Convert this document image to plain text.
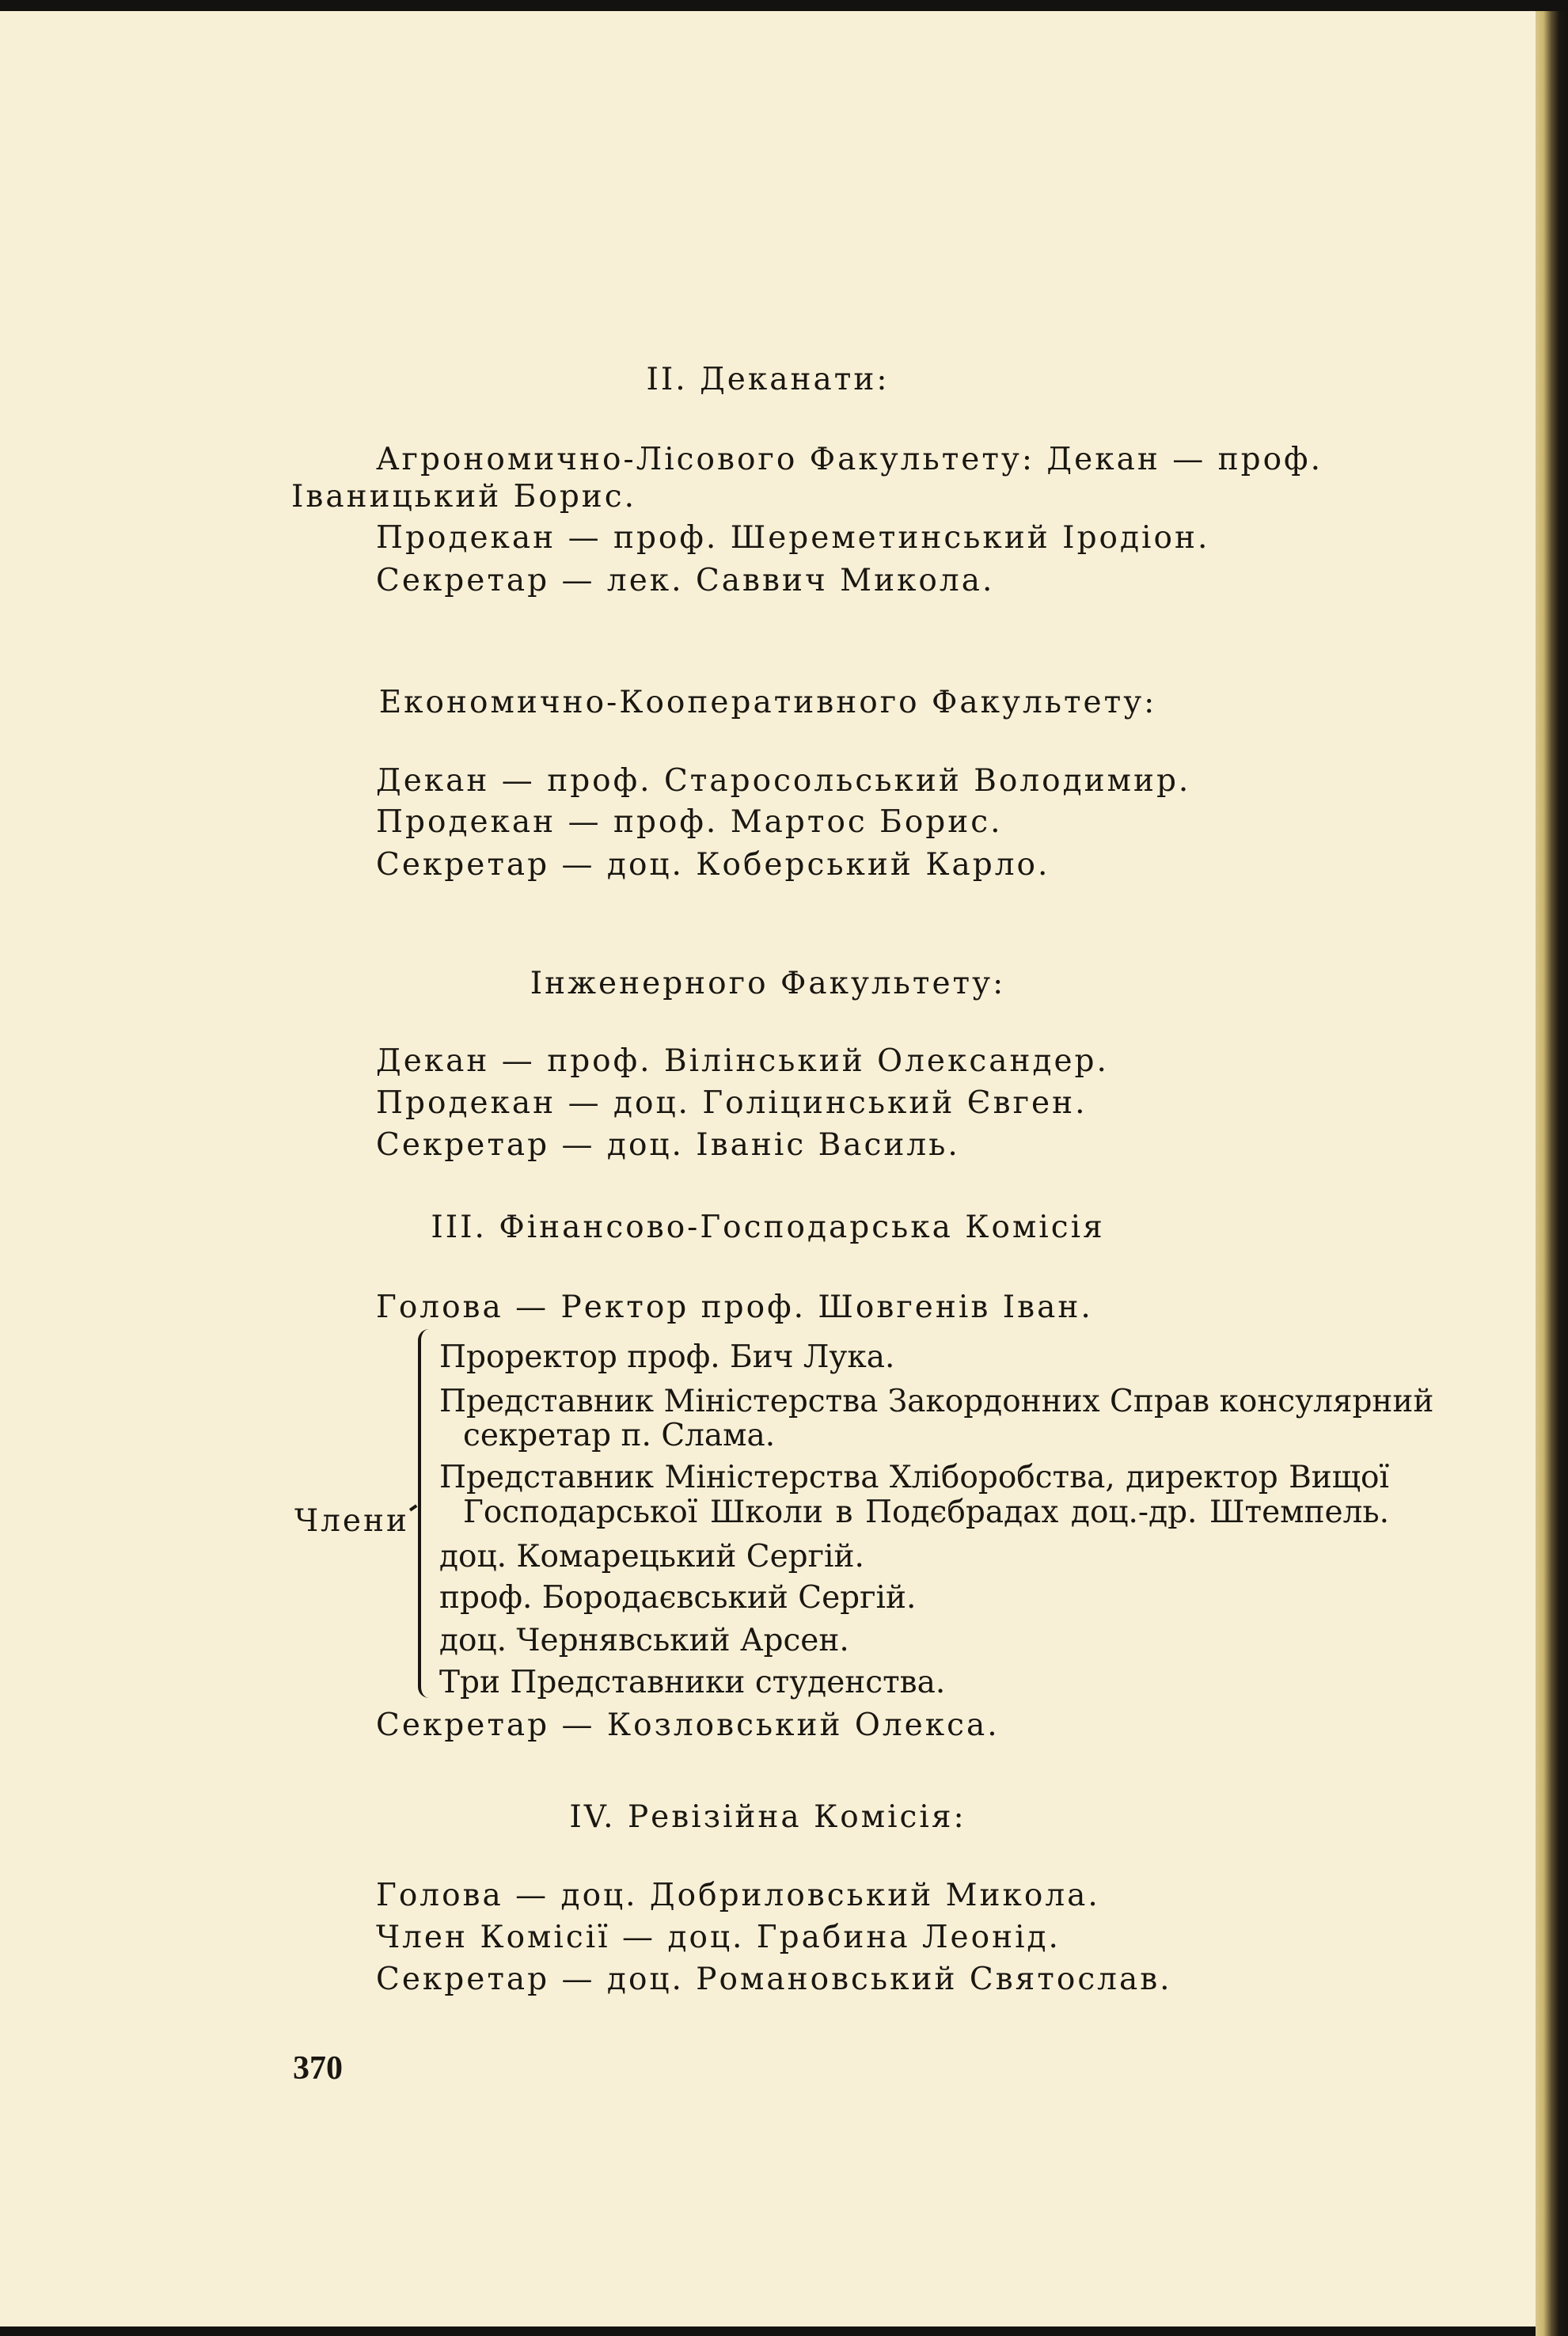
II. Деканати:
Агрономично-Лісового Факультету: Декан — проф.
Іваницький Борис.
Продекан — проф. Шереметинський Іродіон.
Секретар — лек. Саввич Микола.
Економично-Кооперативного Факультету:
Декан — проф. Старосольський Володимир.
Продекан — проф. Мартос Борис.
Секретар — доц. Коберський Карло.
Інженерного Факультету:
Декан — проф. Вілінський Олександер.
Продекан — доц. Голіцинський Євген.
Секретар — доц. Іваніс Василь.
III. Фінансово-Господарська Комісія
Голова — Ректор проф. Шовгенів Іван.
Члени
Проректор проф. Бич Лука.
Представник Міністерства Закордонних Справ консулярний
секретар п. Слама.
Представник Міністерства Хліборобства, директор Вищої
Господарської Школи в Подєбрадах доц.-др. Штемпель.
доц. Комарецький Сергій.
проф. Бородаєвський Сергій.
доц. Чернявський Арсен.
Три Представники студенства.
Секретар — Козловський Олекса.
IV. Ревізійна Комісія:
Голова — доц. Добриловський Микола.
Член Комісії — доц. Грабина Леонід.
Секретар — доц. Романовський Святослав.
370
